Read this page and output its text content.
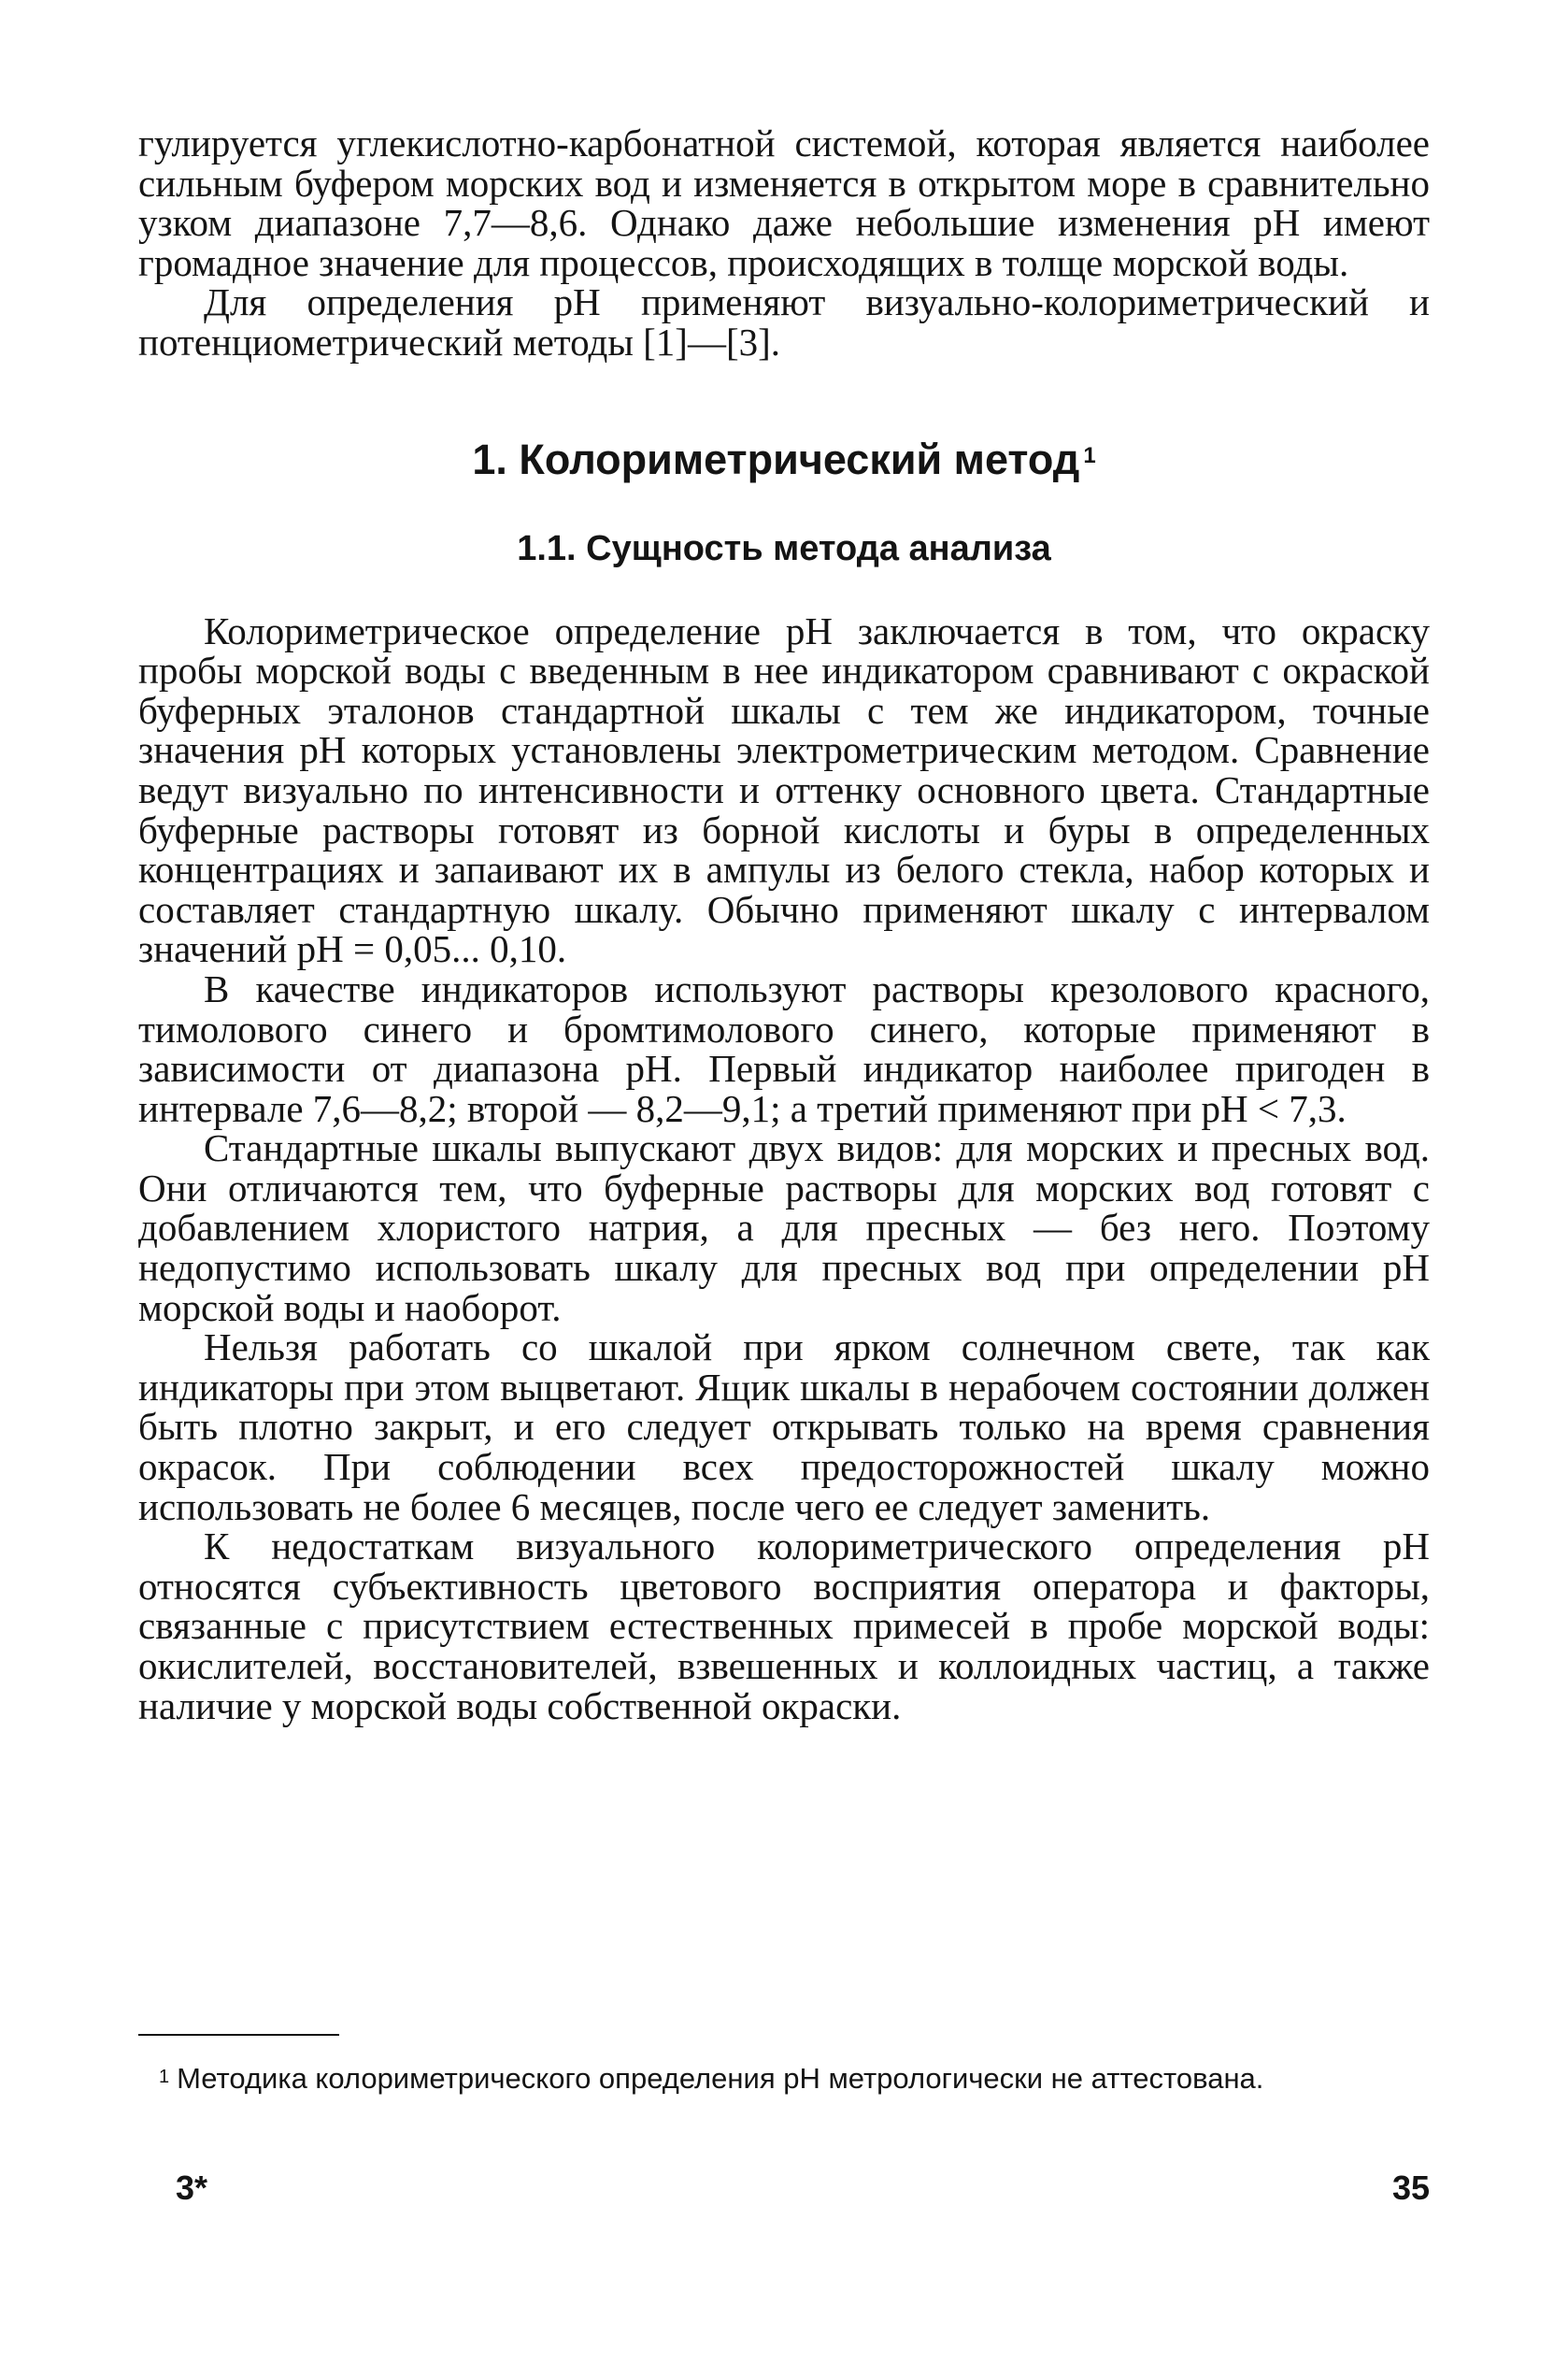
гулируется углекислотно-карбонатной системой, которая является наиболее сильным буфером морских вод и изменяется в открытом море в сравнительно узком диапазоне 7,7—8,6. Однако даже небольшие изменения pH имеют громадное значение для процессов, происходящих в толще морской воды.

Для определения pH применяют визуально-колориметрический и потенциометрический методы [1]—[3].

1. Колориметрический метод $^1$
1.1. Сущность метода анализа

Колориметрическое определение pH заключается в том, что окраску пробы морской воды с введенным в нее индикатором сравнивают с окраской буферных эталонов стандартной шкалы с тем же индикатором, точные значения pH которых установлены электрометрическим методом. Сравнение ведут визуально по интенсивности и оттенку основного цвета. Стандартные буферные растворы готовят из борной кислоты и буры в определенных концентрациях и запаивают их в ампулы из белого стекла, набор которых и составляет стандартную шкалу. Обычно применяют шкалу с интервалом значений pH = 0,05... 0,10.

В качестве индикаторов используют растворы крезолового красного, тимолового синего и бромтимолового синего, которые применяют в зависимости от диапазона pH. Первый индикатор наиболее пригоден в интервале 7,6—8,2; второй — 8,2—9,1; а третий применяют при pH < 7,3.

Стандартные шкалы выпускают двух видов: для морских и пресных вод. Они отличаются тем, что буферные растворы для морских вод готовят с добавлением хлористого натрия, а для пресных — без него. Поэтому недопустимо использовать шкалу для пресных вод при определении pH морской воды и наоборот.

Нельзя работать со шкалой при ярком солнечном свете, так как индикаторы при этом выцветают. Ящик шкалы в нерабочем состоянии должен быть плотно закрыт, и его следует открывать только на время сравнения окрасок. При соблюдении всех предосторожностей шкалу можно использовать не более 6 месяцев, после чего ее следует заменить.

К недостаткам визуального колориметрического определения pH относятся субъективность цветового восприятия оператора и факторы, связанные с присутствием естественных примесей в пробе морской воды: окислителей, восстановителей, взвешенных и коллоидных частиц, а также наличие у морской воды собственной окраски.

$^1$ Методика колориметрического определения pH метрологически не аттестована.

3*	35
